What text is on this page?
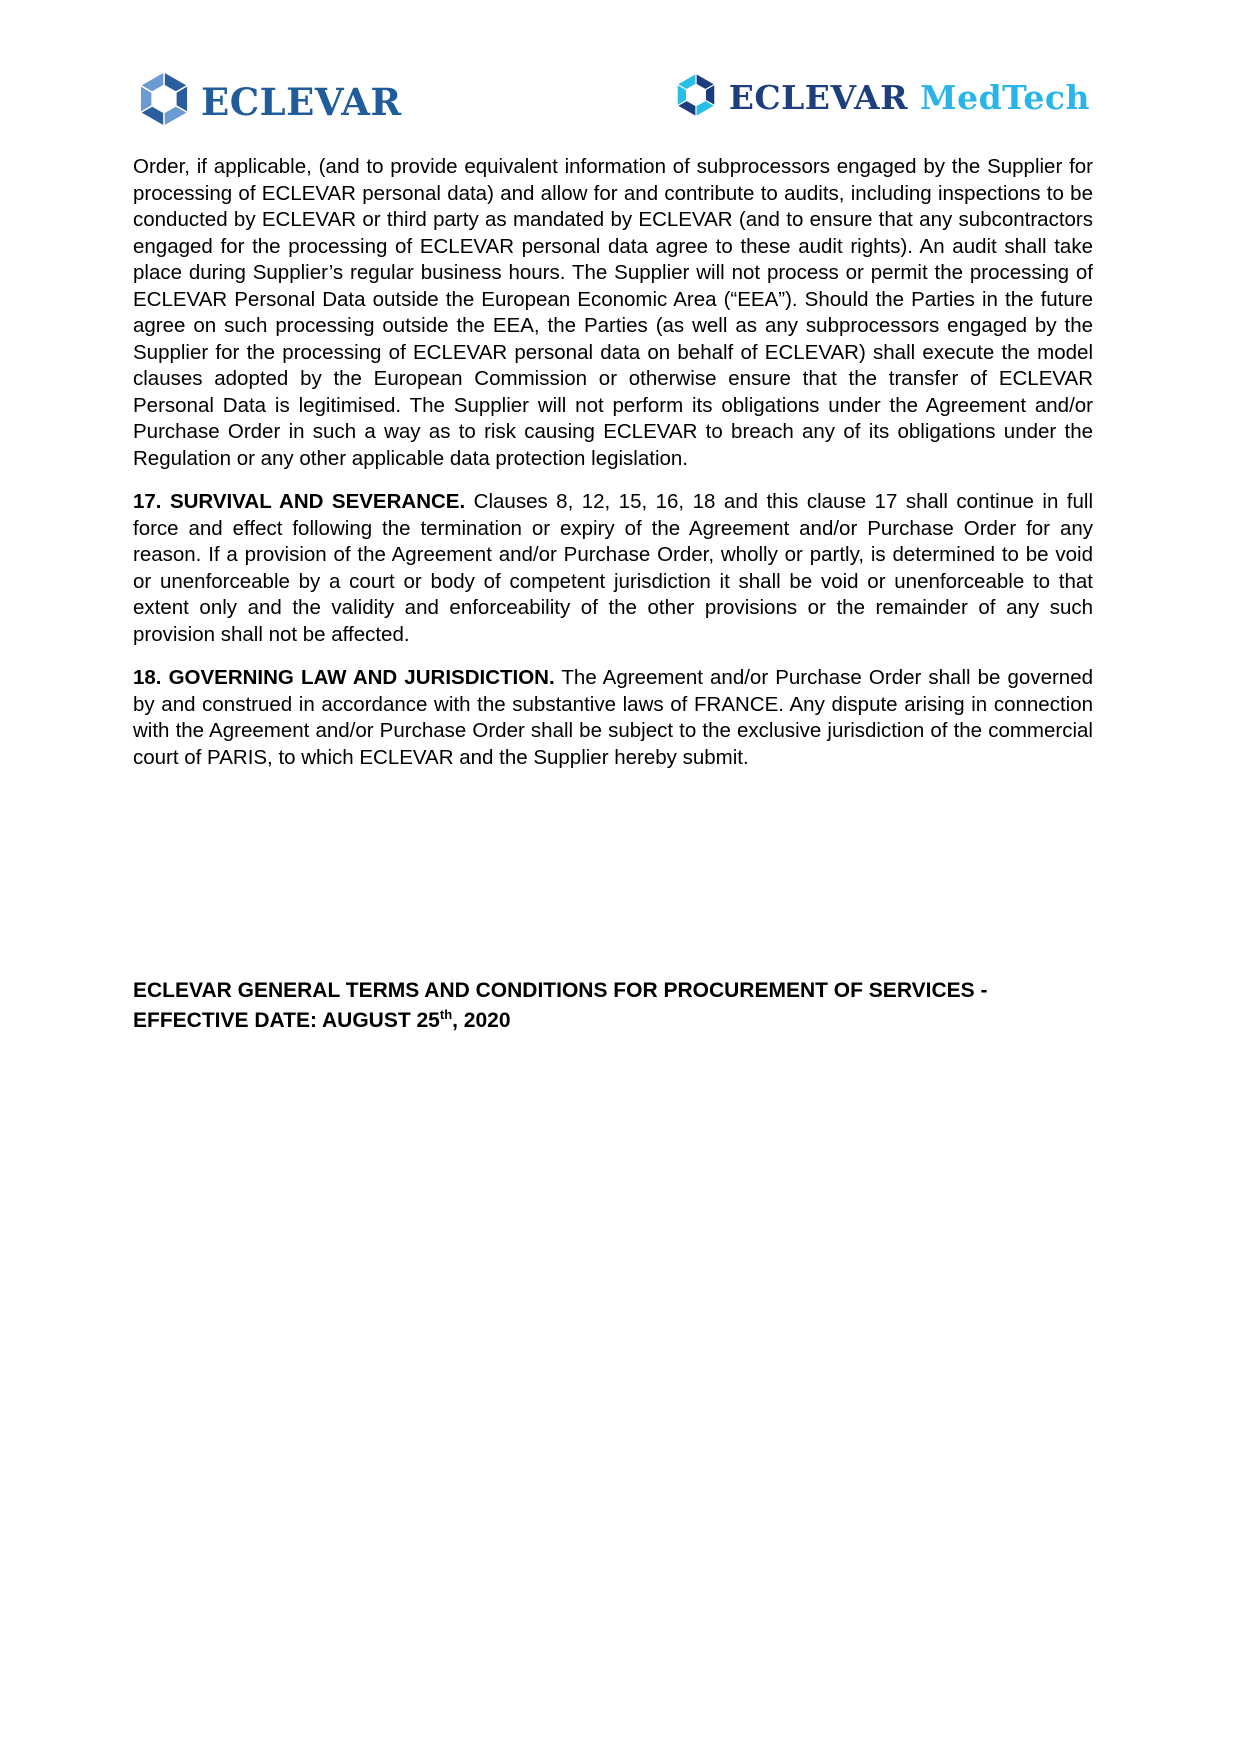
ECLEVAR	ECLEVAR MedTech

Order, if applicable, (and to provide equivalent information of subprocessors engaged by the Supplier for processing of ECLEVAR personal data) and allow for and contribute to audits, including inspections to be conducted by ECLEVAR or third party as mandated by ECLEVAR (and to ensure that any subcontractors engaged for the processing of ECLEVAR personal data agree to these audit rights). An audit shall take place during Supplier’s regular business hours. The Supplier will not process or permit the processing of ECLEVAR Personal Data outside the European Economic Area (“EEA”). Should the Parties in the future agree on such processing outside the EEA, the Parties (as well as any subprocessors engaged by the Supplier for the processing of ECLEVAR personal data on behalf of ECLEVAR) shall execute the model clauses adopted by the European Commission or otherwise ensure that the transfer of ECLEVAR Personal Data is legitimised. The Supplier will not perform its obligations under the Agreement and/or Purchase Order in such a way as to risk causing ECLEVAR to breach any of its obligations under the Regulation or any other applicable data protection legislation.

17. SURVIVAL AND SEVERANCE. Clauses 8, 12, 15, 16, 18 and this clause 17 shall continue in full force and effect following the termination or expiry of the Agreement and/or Purchase Order for any reason. If a provision of the Agreement and/or Purchase Order, wholly or partly, is determined to be void or unenforceable by a court or body of competent jurisdiction it shall be void or unenforceable to that extent only and the validity and enforceability of the other provisions or the remainder of any such provision shall not be affected.

18. GOVERNING LAW AND JURISDICTION. The Agreement and/or Purchase Order shall be governed by and construed in accordance with the substantive laws of FRANCE. Any dispute arising in connection with the Agreement and/or Purchase Order shall be subject to the exclusive jurisdiction of the commercial court of PARIS, to which ECLEVAR and the Supplier hereby submit.

ECLEVAR GENERAL TERMS AND CONDITIONS FOR PROCUREMENT OF SERVICES - EFFECTIVE DATE: AUGUST 25th, 2020
